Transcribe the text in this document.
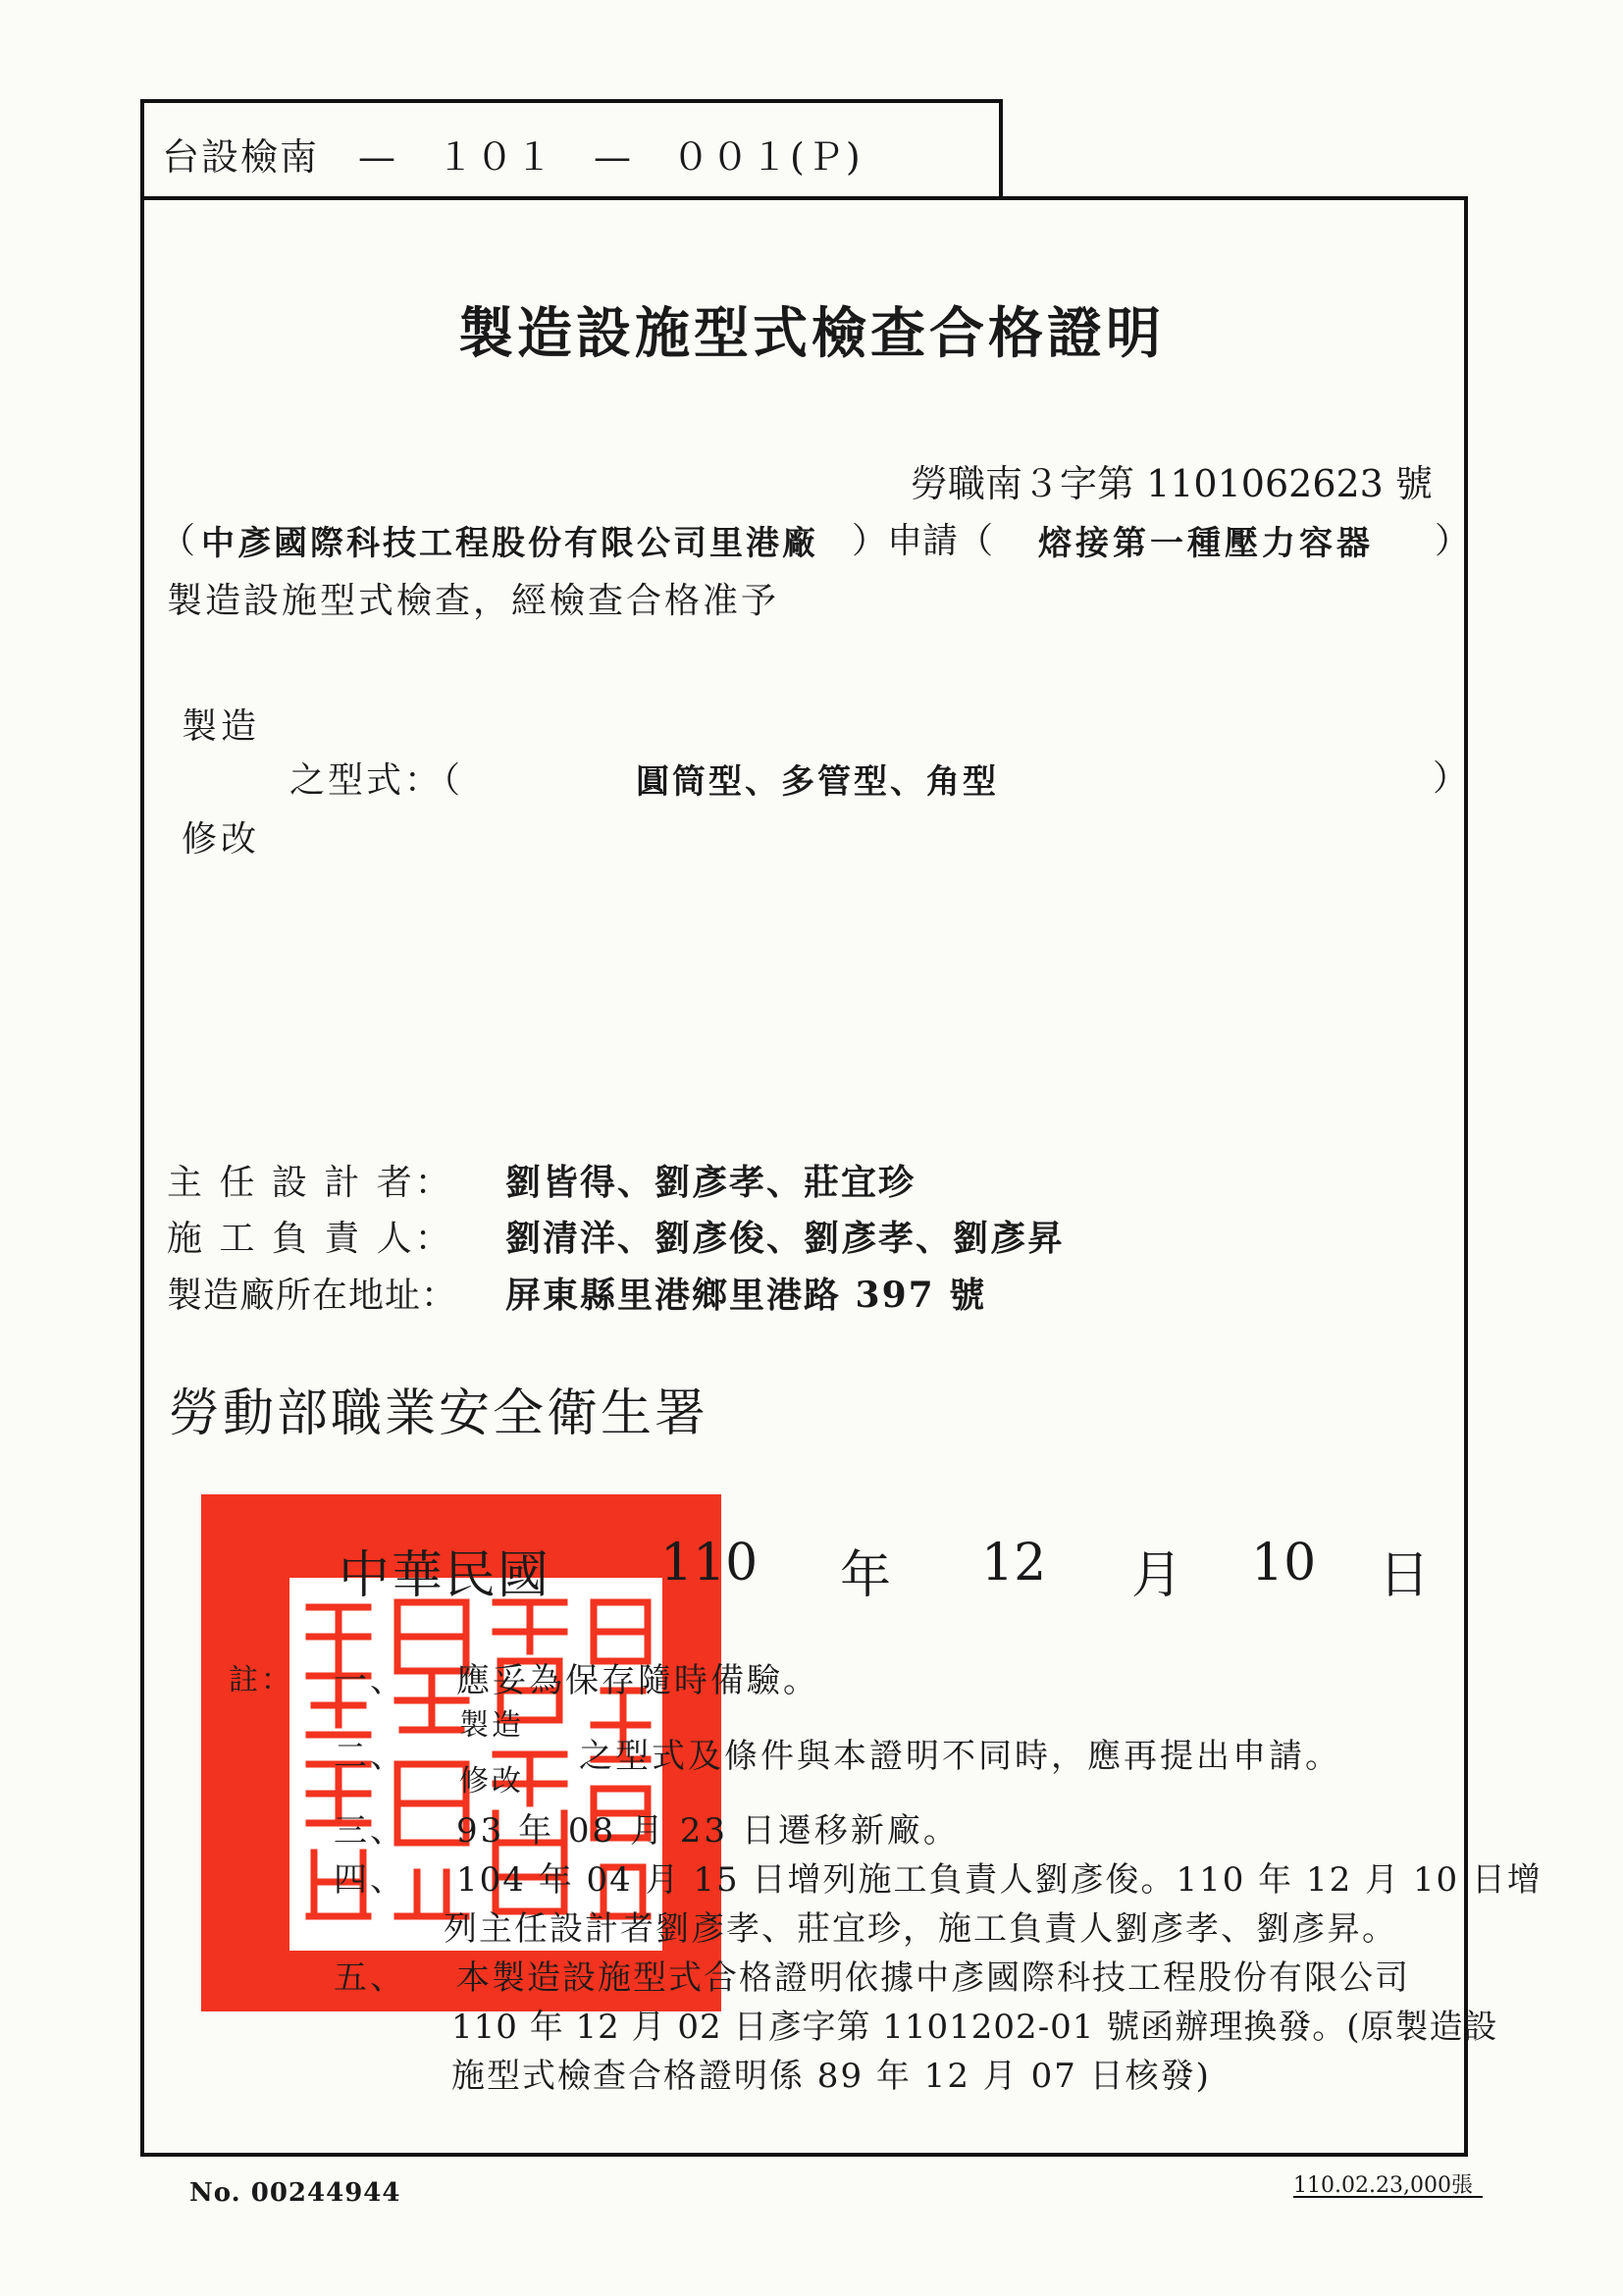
台設檢南　—　１０１　—　００１(Ｐ)
製造設施型式檢查合格證明
勞職南３字第 1101062623 號
（ 中彥國際科技工程股份有限公司里港廠 ）申請（ 熔接第一種壓力容器 ）
製造設施型式檢查，經檢查合格准予
製造
之型式：（	圓筒型、多管型、角型	）
修改
主 任 設 計 者： 劉皆得、劉彥孝、莊宜珍
施 工 負 責 人： 劉清洋、劉彥俊、劉彥孝、劉彥昇
製造廠所在地址： 屏東縣里港鄉里港路 397 號
勞動部職業安全衛生署
中華民國 110 年 12 月 10 日
註： 一、 應妥為保存隨時備驗。
二、
製造
修改
之型式及條件與本證明不同時，應再提出申請。
三、 93 年 08 月 23 日遷移新廠。
四、 104 年 04 月 15 日增列施工負責人劉彥俊。110 年 12 月 10 日增
列主任設計者劉彥孝、莊宜珍，施工負責人劉彥孝、劉彥昇。
五、 本製造設施型式合格證明依據中彥國際科技工程股份有限公司
110 年 12 月 02 日彥字第 1101202-01 號函辦理換發。(原製造設
施型式檢查合格證明係 89 年 12 月 07 日核發)
No. 00244944	110.02.23,000張
